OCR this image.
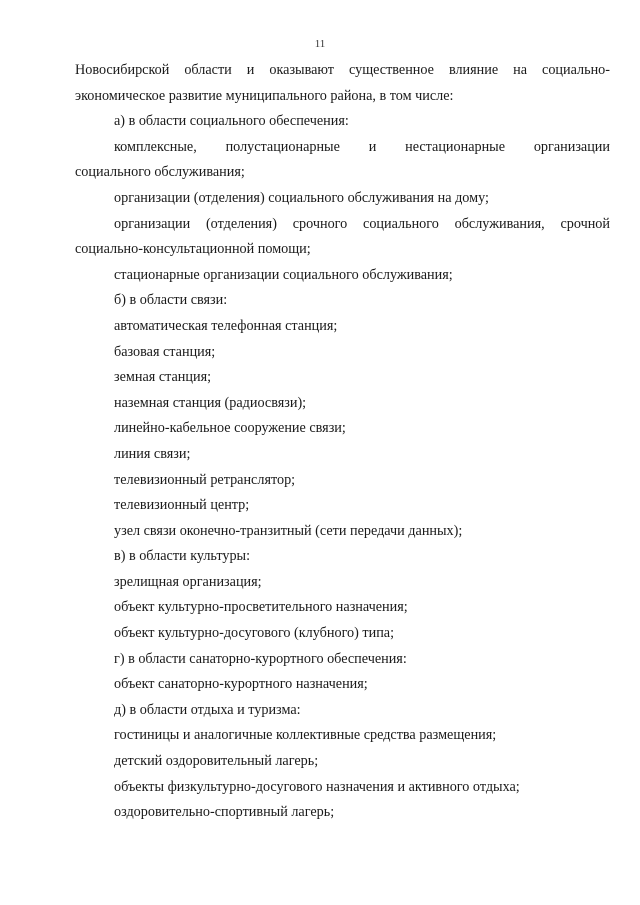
11
Новосибирской области и оказывают существенное влияние на социально-
экономическое развитие муниципального района, в том числе:
а) в области социального обеспечения:
комплексные, полустационарные и нестационарные организации
социального обслуживания;
организации (отделения) социального обслуживания на дому;
организации (отделения) срочного социального обслуживания, срочной
социально-консультационной помощи;
стационарные организации социального обслуживания;
б) в области связи:
автоматическая телефонная станция;
базовая станция;
земная станция;
наземная станция (радиосвязи);
линейно-кабельное сооружение связи;
линия связи;
телевизионный ретранслятор;
телевизионный центр;
узел связи оконечно-транзитный (сети передачи данных);
в) в области культуры:
зрелищная организация;
объект культурно-просветительного назначения;
объект культурно-досугового (клубного) типа;
г) в области санаторно-курортного обеспечения:
объект санаторно-курортного назначения;
д) в области отдыха и туризма:
гостиницы и аналогичные коллективные средства размещения;
детский оздоровительный лагерь;
объекты физкультурно-досугового назначения и активного отдыха;
оздоровительно-спортивный лагерь;
